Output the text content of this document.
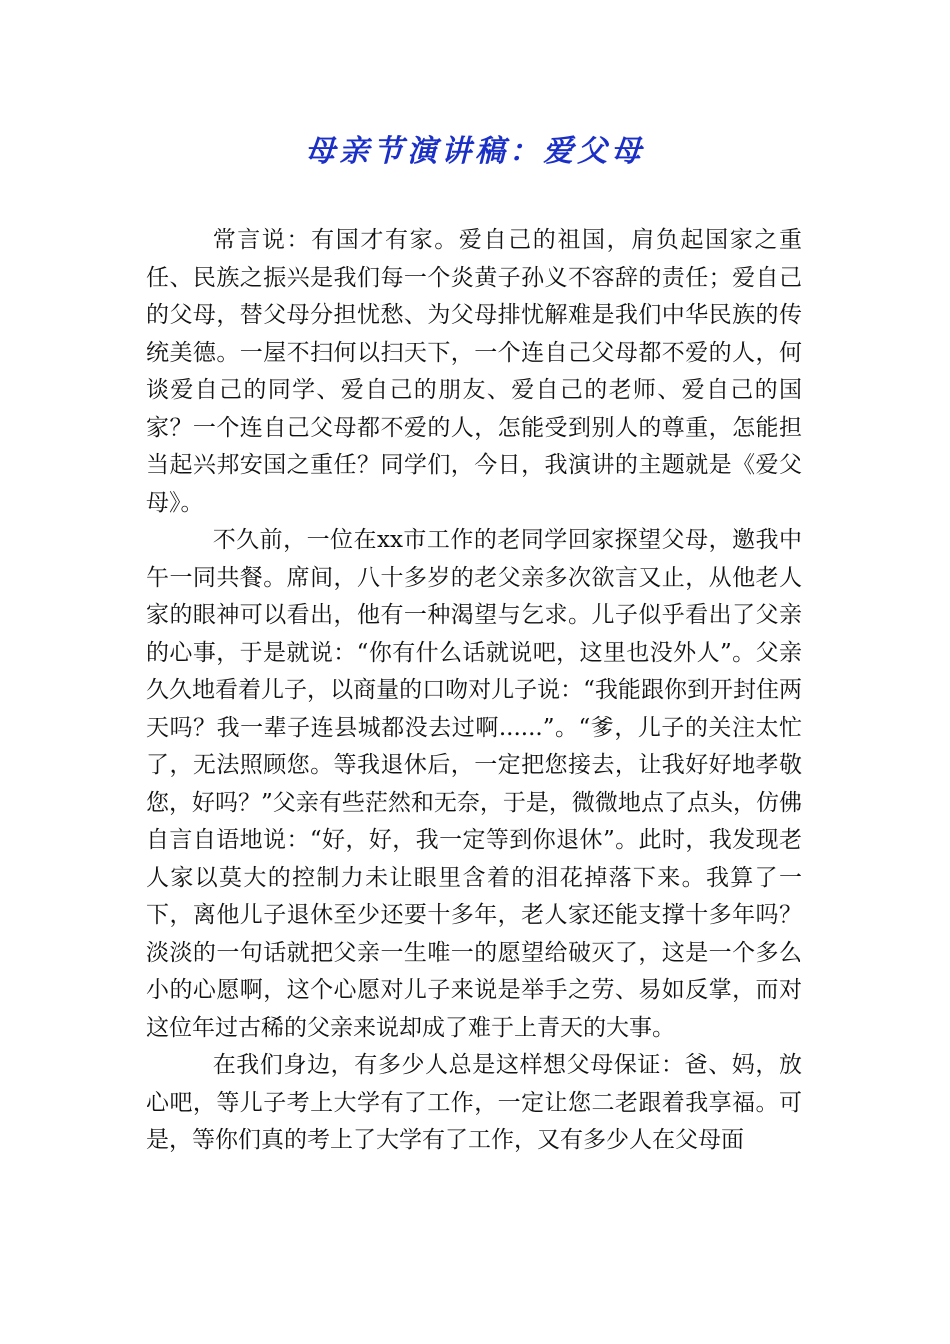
母亲节演讲稿：爱父母

常言说：有国才有家。爱自己的祖国，肩负起国家之重任、民族之振兴是我们每一个炎黄子孙义不容辞的责任；爱自己的父母，替父母分担忧愁、为父母排忧解难是我们中华民族的传统美德。一屋不扫何以扫天下，一个连自己父母都不爱的人，何谈爱自己的同学、爱自己的朋友、爱自己的老师、爱自己的国家？一个连自己父母都不爱的人，怎能受到别人的尊重，怎能担当起兴邦安国之重任？同学们，今日，我演讲的主题就是《爱父母》。

不久前，一位在xx市工作的老同学回家探望父母，邀我中午一同共餐。席间，八十多岁的老父亲多次欲言又止，从他老人家的眼神可以看出，他有一种渴望与乞求。儿子似乎看出了父亲的心事，于是就说：“你有什么话就说吧，这里也没外人”。父亲久久地看着儿子，以商量的口吻对儿子说：“我能跟你到开封住两天吗？我一辈子连县城都没去过啊......”。“爹，儿子的关注太忙了，无法照顾您。等我退休后，一定把您接去，让我好好地孝敬您，好吗？”父亲有些茫然和无奈，于是，微微地点了点头，仿佛自言自语地说：“好，好，我一定等到你退休”。此时，我发现老人家以莫大的控制力未让眼里含着的泪花掉落下来。我算了一下，离他儿子退休至少还要十多年，老人家还能支撑十多年吗？淡淡的一句话就把父亲一生唯一的愿望给破灭了，这是一个多么小的心愿啊，这个心愿对儿子来说是举手之劳、易如反掌，而对这位年过古稀的父亲来说却成了难于上青天的大事。

在我们身边，有多少人总是这样想父母保证：爸、妈，放心吧，等儿子考上大学有了工作，一定让您二老跟着我享福。可是，等你们真的考上了大学有了工作，又有多少人在父母面
